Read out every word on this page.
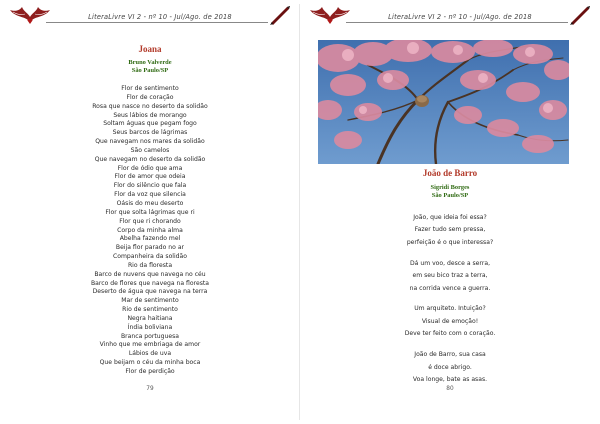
LiteraLivre VI 2 - nº 10 - Jul/Ago. de 2018
Joana
Bruno Valverde
São Paulo/SP
Flor de sentimento
Flor de coração
Rosa que nasce no deserto da solidão
Seus lábios de morango
Soltam águas que pegam fogo
Seus barcos de lágrimas
Que navegam nos mares da solidão
São camelos
Que navegam no deserto da solidão
Flor de ódio que ama
Flor de amor que odeia
Flor do silêncio que fala
Flor da voz que silencia
Oásis do meu deserto
Flor que solta lágrimas que ri
Flor que ri chorando
Corpo da minha alma
Abelha fazendo mel
Beija flor parado no ar
Companheira da solidão
Rio da floresta
Barco de nuvens que navega no céu
Barco de flores que navega na floresta
Deserto de água que navega na terra
Mar de sentimento
Rio de sentimento
Negra haitiana
Índia boliviana
Branca portuguesa
Vinho que me embriaga de amor
Lábios de uva
Que beijam o céu da minha boca
Flor de perdição
79
LiteraLivre VI 2 - nº 10 - Jul/Ago. de 2018
João de Barro
Sigridi Borges
São Paulo/SP
João, que ideia foi essa?
Fazer tudo sem pressa,
perfeição é o que interessa?
Dá um voo, desce a serra,
em seu bico traz a terra,
na corrida vence a guerra.
Um arquiteto. Intuição?
Visual de emoção!
Deve ter feito com o coração.
João de Barro, sua casa
é doce abrigo.
Voa longe, bate as asas.
80
